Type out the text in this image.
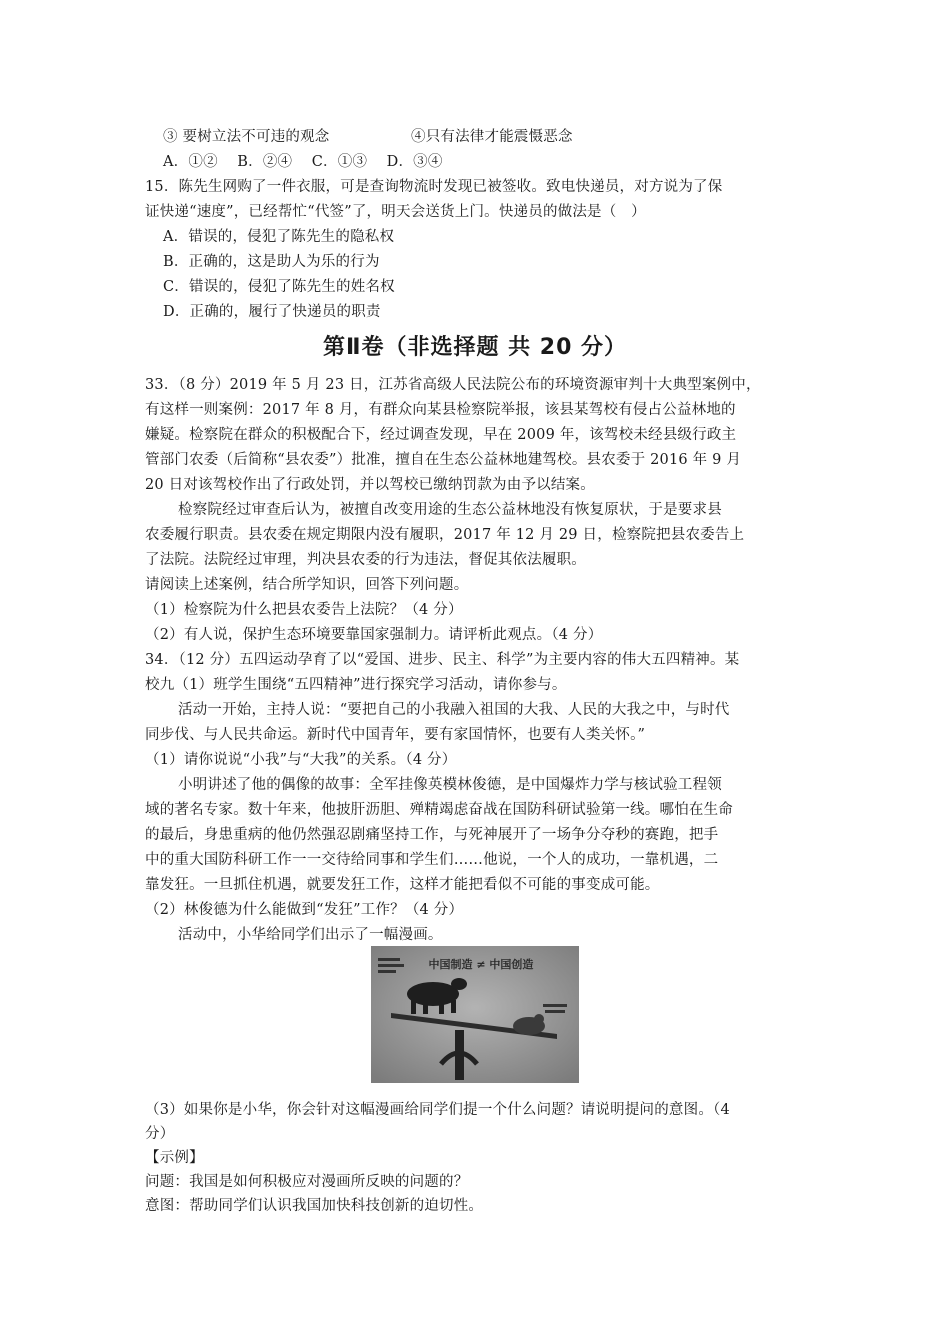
③ 要树立法不可违的观念	④只有法律才能震慑恶念
A．①②　 B．②④　 C．①③　 D．③④
15．陈先生网购了一件衣服，可是查询物流时发现已被签收。致电快递员，对方说为了保
证快递“速度”，已经帮忙“代签”了，明天会送货上门。快递员的做法是（　）
A．错误的，侵犯了陈先生的隐私权
B．正确的，这是助人为乐的行为
C．错误的，侵犯了陈先生的姓名权
D．正确的，履行了快递员的职责
第Ⅱ卷（非选择题 共 20 分）
33．（8 分）2019 年 5 月 23 日，江苏省高级人民法院公布的环境资源审判十大典型案例中，
有这样一则案例：2017 年 8 月，有群众向某县检察院举报，该县某驾校有侵占公益林地的
嫌疑。检察院在群众的积极配合下，经过调查发现，早在 2009 年，该驾校未经县级行政主
管部门农委（后简称“县农委”）批准，擅自在生态公益林地建驾校。县农委于 2016 年 9 月
20 日对该驾校作出了行政处罚，并以驾校已缴纳罚款为由予以结案。
检察院经过审查后认为，被擅自改变用途的生态公益林地没有恢复原状，于是要求县
农委履行职责。县农委在规定期限内没有履职，2017 年 12 月 29 日，检察院把县农委告上
了法院。法院经过审理，判决县农委的行为违法，督促其依法履职。
请阅读上述案例，结合所学知识，回答下列问题。
（1）检察院为什么把县农委告上法院？（4 分）
（2）有人说，保护生态环境要靠国家强制力。请评析此观点。（4 分）
34．（12 分）五四运动孕育了以“爱国、进步、民主、科学”为主要内容的伟大五四精神。某
校九（1）班学生围绕“五四精神”进行探究学习活动，请你参与。
活动一开始，主持人说：“要把自己的小我融入祖国的大我、人民的大我之中，与时代
同步伐、与人民共命运。新时代中国青年，要有家国情怀，也要有人类关怀。”
（1）请你说说“小我”与“大我”的关系。（4 分）
小明讲述了他的偶像的故事：全军挂像英模林俊德，是中国爆炸力学与核试验工程领
域的著名专家。数十年来，他披肝沥胆、殚精竭虑奋战在国防科研试验第一线。哪怕在生命
的最后，身患重病的他仍然强忍剧痛坚持工作，与死神展开了一场争分夺秒的赛跑，把手
中的重大国防科研工作一一交待给同事和学生们……他说，一个人的成功，一靠机遇，二
靠发狂。一旦抓住机遇，就要发狂工作，这样才能把看似不可能的事变成可能。
（2）林俊德为什么能做到“发狂”工作？（4 分）
活动中，小华给同学们出示了一幅漫画。
中国制造 ≠ 中国创造
（3）如果你是小华，你会针对这幅漫画给同学们提一个什么问题？请说明提问的意图。（4
分）
【示例】
问题：我国是如何积极应对漫画所反映的问题的？
意图：帮助同学们认识我国加快科技创新的迫切性。
